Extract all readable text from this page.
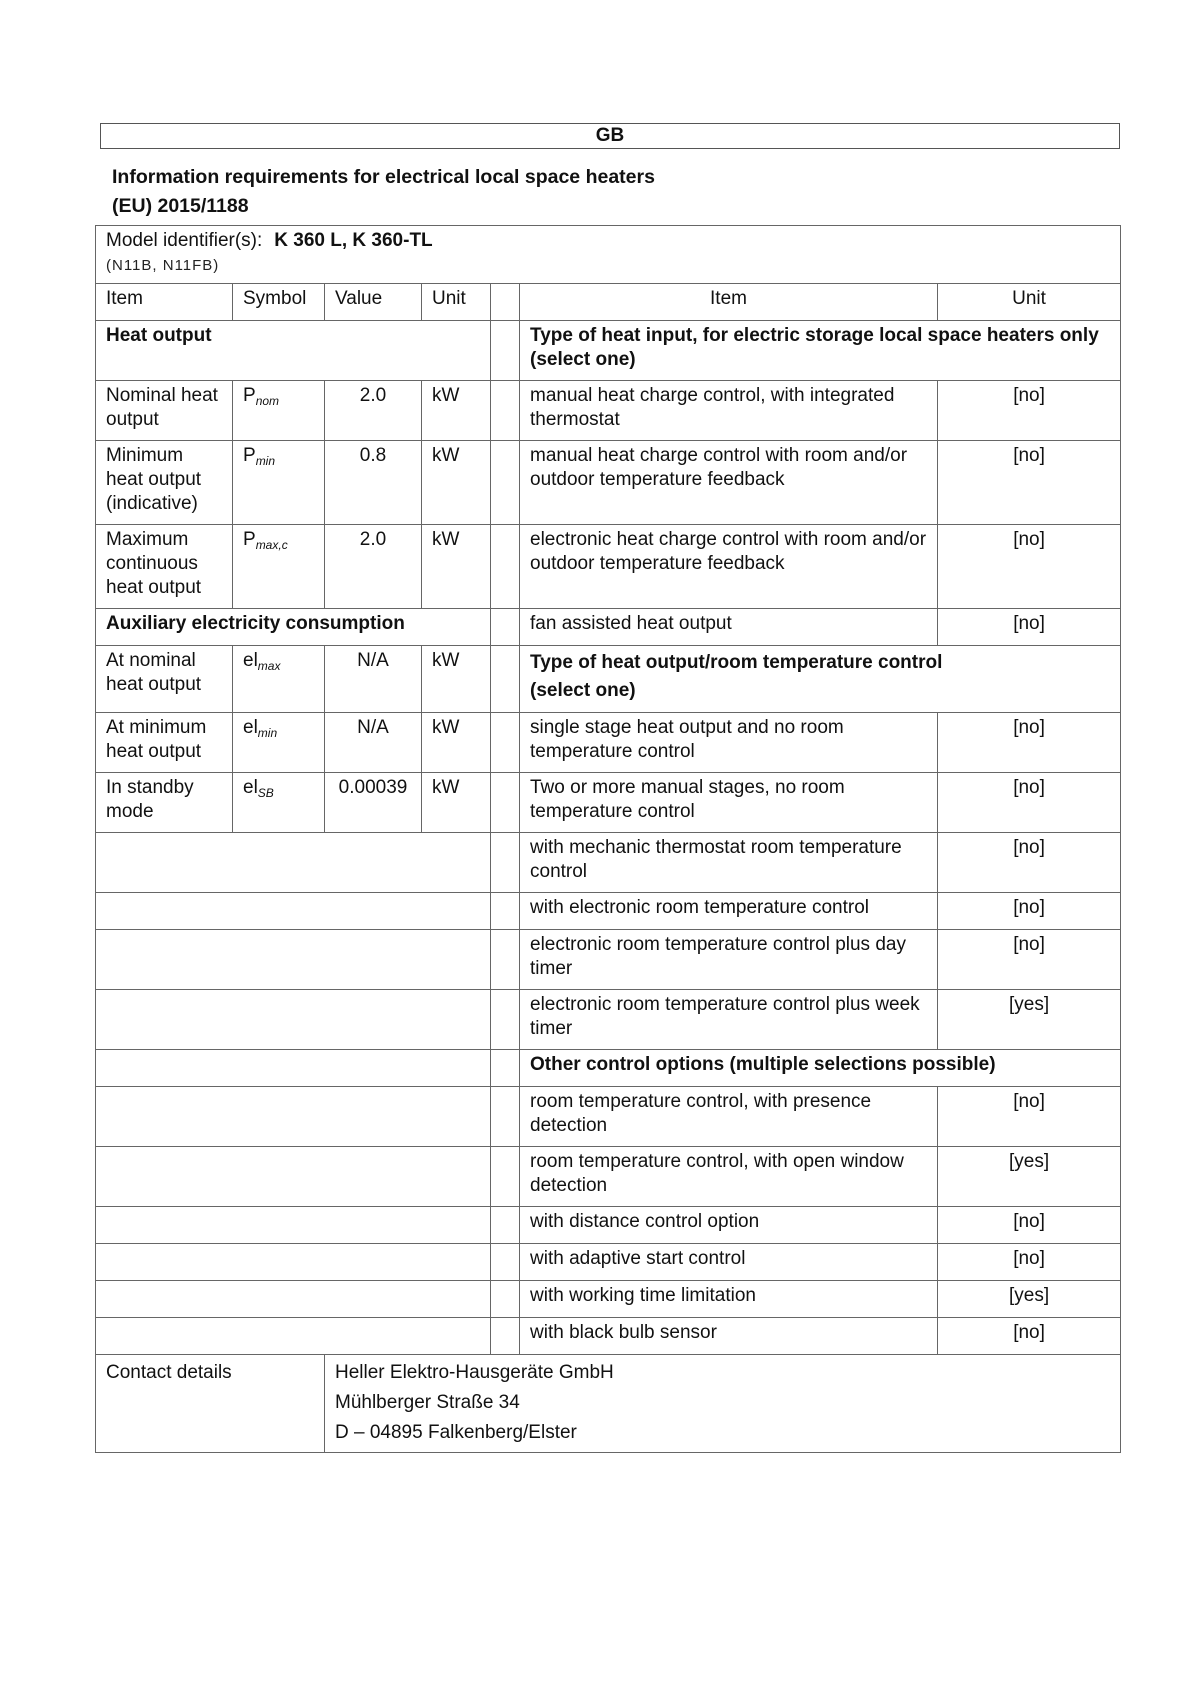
GB
Information requirements for electrical local space heaters
(EU) 2015/1188
Model identifier(s): K 360 L, K 360-TL
(N11B, N11FB)						
Item	Symbol	Value	Unit		Item	Unit
Heat output					Type of heat input, for electric storage local space heaters only (select one)	
Nominal heat output	$P_{nom}$	2.0	kW		manual heat charge control, with integrated thermostat	[no]
Minimum heat output (indicative)	$P_{min}$	0.8	kW		manual heat charge control with room and/or outdoor temperature feedback	[no]
Maximum continuous heat output	$P_{max,c}$	2.0	kW		electronic heat charge control with room and/or outdoor temperature feedback	[no]
Auxiliary electricity consumption					fan assisted heat output	[no]
At nominal heat output	$el_{max}$	N/A	kW		Type of heat output/room temperature control
(select one)	
At minimum heat output	$el_{min}$	N/A	kW		single stage heat output and no room temperature control	[no]
In standby mode	$el_{SB}$	0.00039	kW		Two or more manual stages, no room temperature control	[no]
					with mechanic thermostat room temperature control	[no]
					with electronic room temperature control	[no]
					electronic room temperature control plus day timer	[no]
					electronic room temperature control plus week timer	[yes]
					Other control options (multiple selections possible)	
					room temperature control, with presence detection	[no]
					room temperature control, with open window detection	[yes]
					with distance control option	[no]
					with adaptive start control	[no]
					with working time limitation	[yes]
					with black bulb sensor	[no]
Contact details		Heller Elektro-Hausgeräte GmbH
Mühlberger Straße 34
D – 04895 Falkenberg/Elster				
